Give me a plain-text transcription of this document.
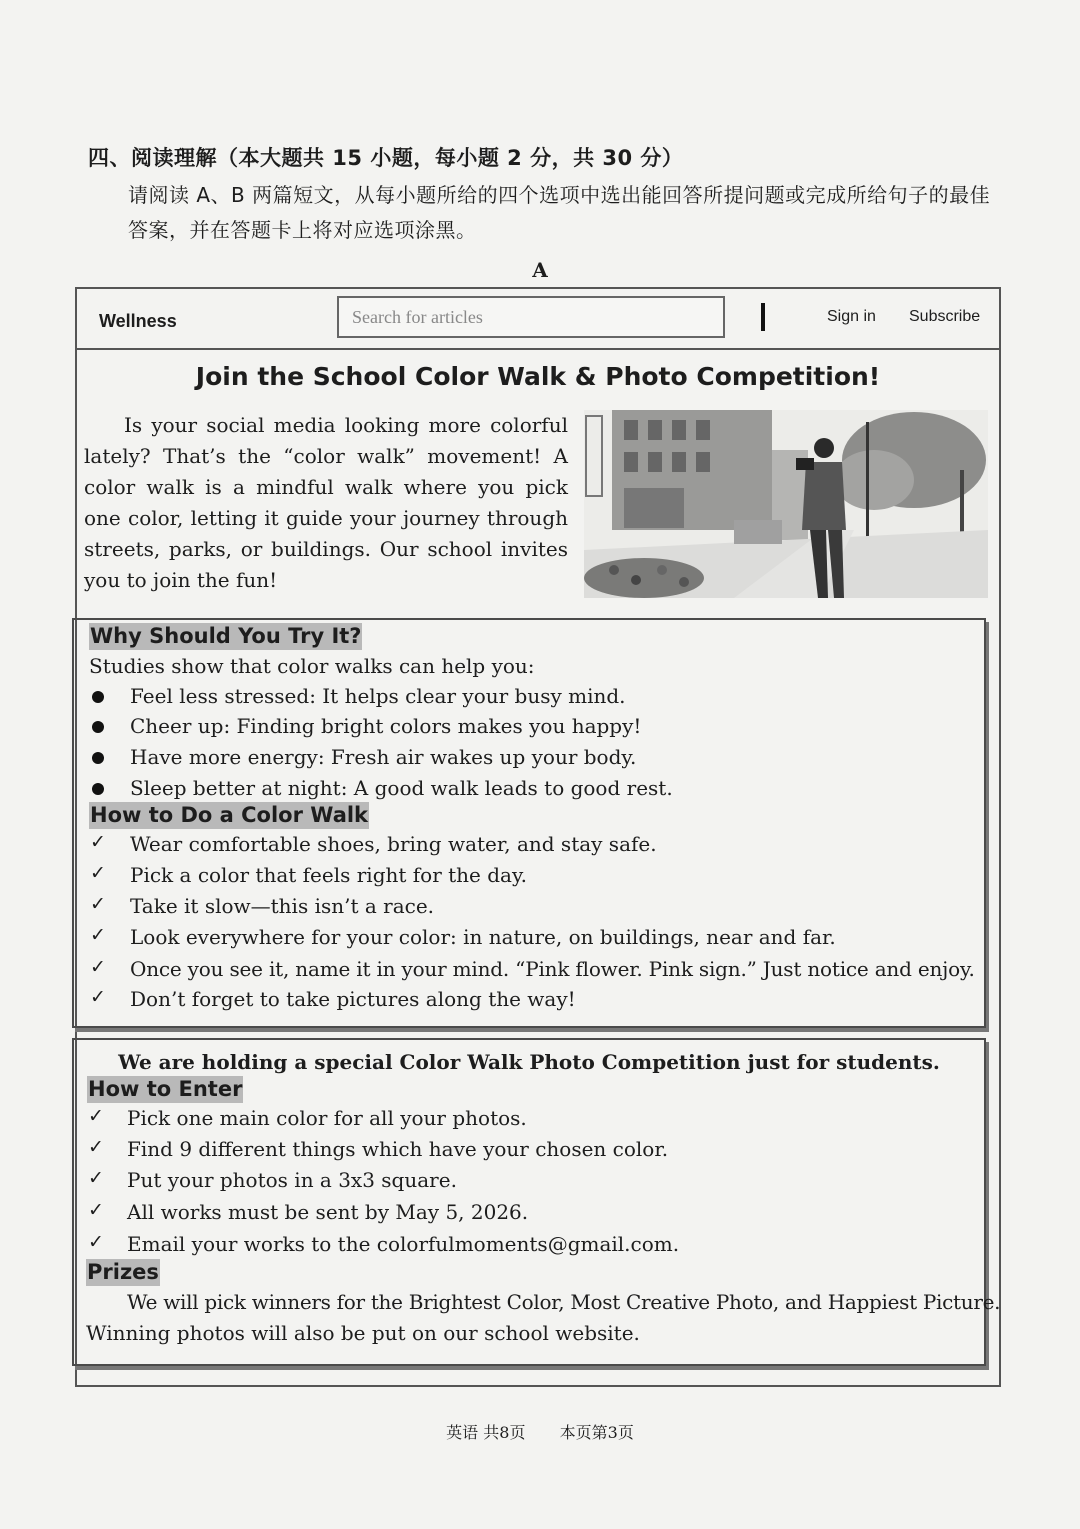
四、阅读理解（本大题共 15 小题，每小题 2 分，共 30 分）
请阅读 A、B 两篇短文，从每小题所给的四个选项中选出能回答所提问题或完成所给句子的最佳答案，并在答题卡上将对应选项涂黑。
A
Wellness	Search for articles	Sign in Subscribe
Join the School Color Walk & Photo Competition!

Is your social media looking more colorful lately? That’s the “color walk” movement! A color walk is a mindful walk where you pick one color, letting it guide your journey through streets, parks, or buildings. Our school invites you to join the fun!

Why Should You Try It?
Studies show that color walks can help you:
Feel less stressed: It helps clear your busy mind.
Cheer up: Finding bright colors makes you happy!
Have more energy: Fresh air wakes up your body.
Sleep better at night: A good walk leads to good rest.
How to Do a Color Walk
✓ Wear comfortable shoes, bring water, and stay safe.
✓ Pick a color that feels right for the day.
✓ Take it slow—this isn’t a race.
✓ Look everywhere for your color: in nature, on buildings, near and far.
✓ Once you see it, name it in your mind. “Pink flower. Pink sign.” Just notice and enjoy.
✓ Don’t forget to take pictures along the way!
We are holding a special Color Walk Photo Competition just for students.
How to Enter
✓ Pick one main color for all your photos.
✓ Find 9 different things which have your chosen color.
✓ Put your photos in a 3x3 square.
✓ All works must be sent by May 5, 2026.
✓ Email your works to the colorfulmoments@gmail.com.
Prizes
We will pick winners for the Brightest Color, Most Creative Photo, and Happiest Picture.
Winning photos will also be put on our school website.
英语 共8页 本页第3页
